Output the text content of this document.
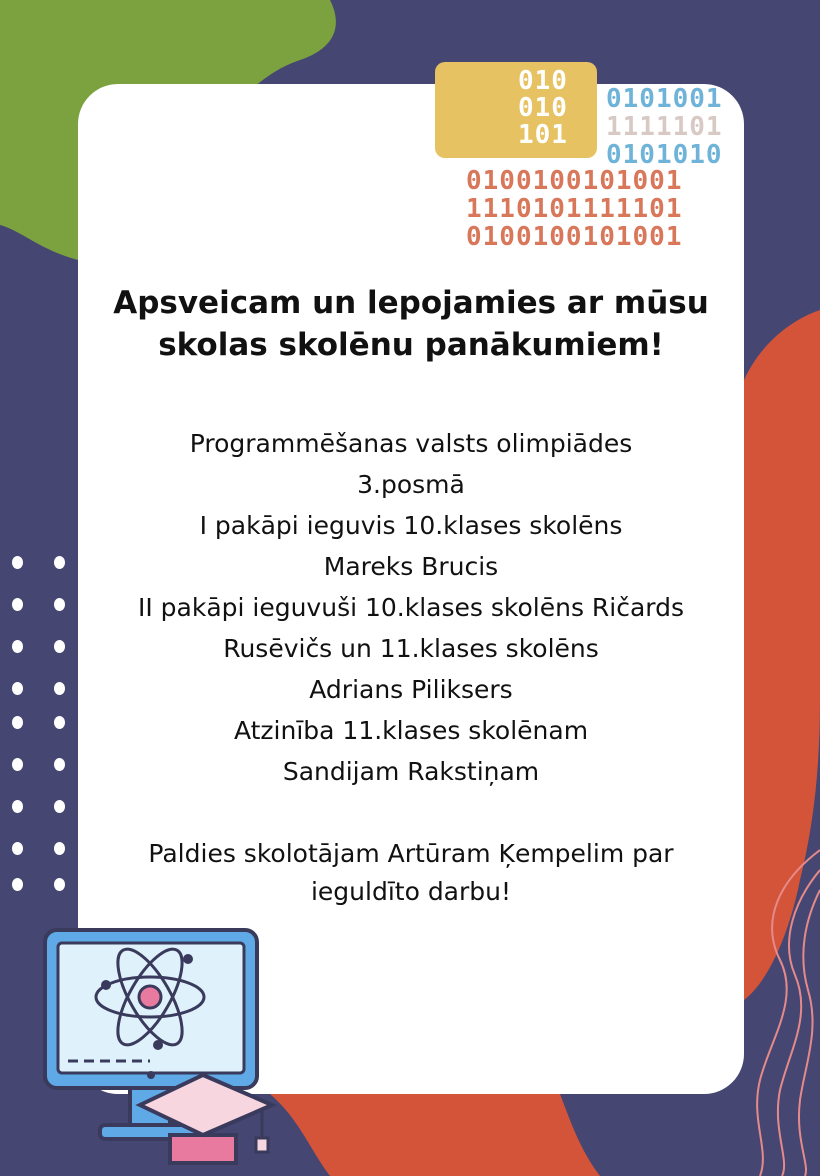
010
010
101
0101001
1111101
0101010
0100100101001
1110101111101
0100100101001
Apsveicam un lepojamies ar mūsu
skolas skolēnu panākumiem!
Programmēšanas valsts olimpiādes
3.posmā
I pakāpi ieguvis 10.klases skolēns
Mareks Brucis
II pakāpi ieguvuši 10.klases skolēns Ričards
Rusēvičs un 11.klases skolēns
Adrians Piliksers
Atzinība 11.klases skolēnam
Sandijam Rakstiņam
Paldies skolotājam Artūram Ķempelim par
ieguldīto darbu!
